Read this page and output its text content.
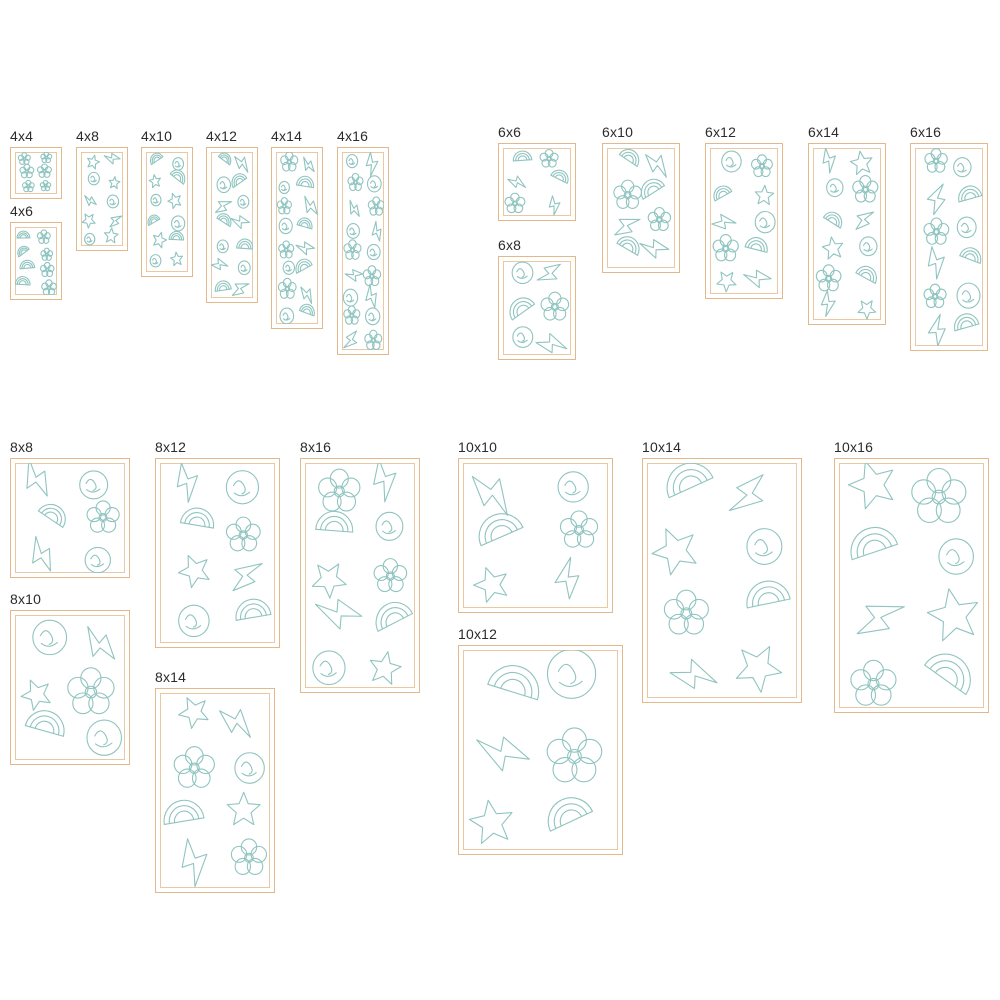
4x4
4x6
4x8	4x10 4x12 4x14 4x16	6x6
6x8
6x10	6x12	6x14	6x16
8x8
8x10
8x12
8x14
8x16	10x10
10x12
10x14	10x16
